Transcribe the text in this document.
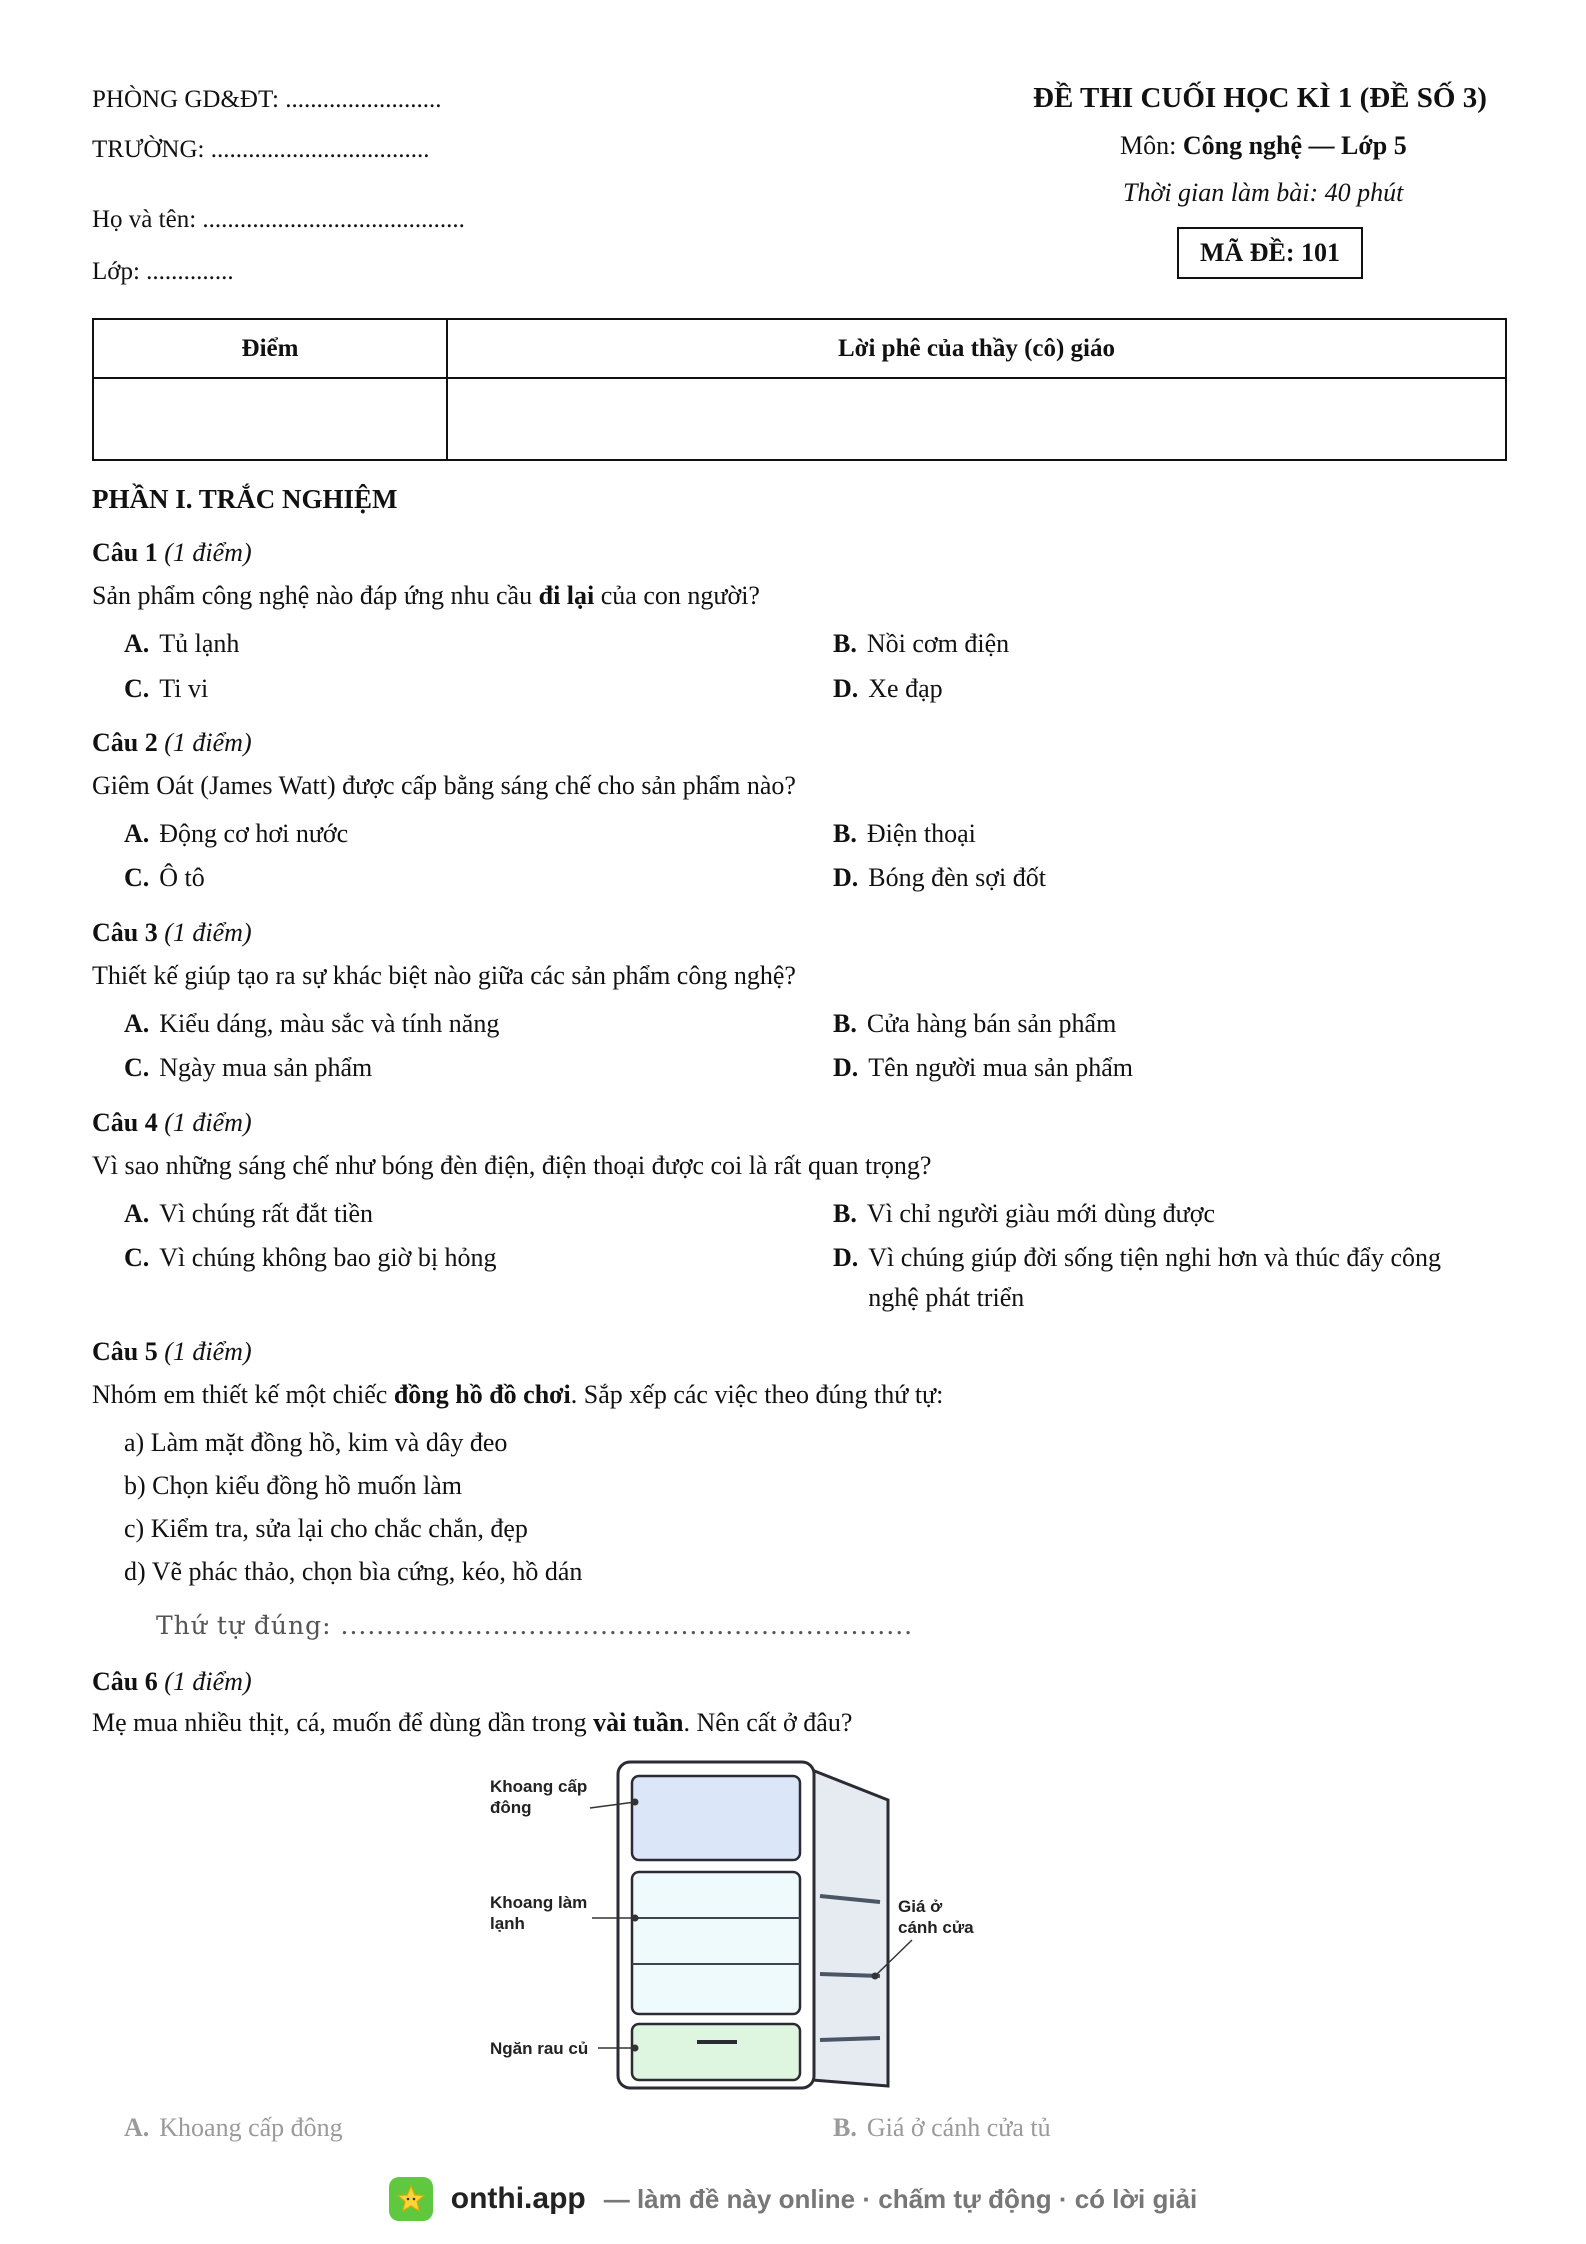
PHÒNG GD&ĐT: .........................
TRƯỜNG: ...................................
Họ và tên: ..........................................
Lớp: ..............
ĐỀ THI CUỐI HỌC KÌ 1 (ĐỀ SỐ 3)
Môn: Công nghệ — Lớp 5
Thời gian làm bài: 40 phút
MÃ ĐỀ: 101
Điểm	Lời phê của thầy (cô) giáo

PHẦN I. TRẮC NGHIỆM
Câu 1 (1 điểm)
Sản phẩm công nghệ nào đáp ứng nhu cầu đi lại của con người?
A. Tủ lạnh	B. Nồi cơm điện
C. Ti vi	D. Xe đạp
Câu 2 (1 điểm)
Giêm Oát (James Watt) được cấp bằng sáng chế cho sản phẩm nào?
A. Động cơ hơi nước	B. Điện thoại
C. Ô tô	D. Bóng đèn sợi đốt
Câu 3 (1 điểm)
Thiết kế giúp tạo ra sự khác biệt nào giữa các sản phẩm công nghệ?
A. Kiểu dáng, màu sắc và tính năng	B. Cửa hàng bán sản phẩm
C. Ngày mua sản phẩm	D. Tên người mua sản phẩm
Câu 4 (1 điểm)
Vì sao những sáng chế như bóng đèn điện, điện thoại được coi là rất quan trọng?
A. Vì chúng rất đắt tiền	B. Vì chỉ người giàu mới dùng được
C. Vì chúng không bao giờ bị hỏng	D. Vì chúng giúp đời sống tiện nghi hơn và thúc đẩy công nghệ phát triển
Câu 5 (1 điểm)
Nhóm em thiết kế một chiếc đồng hồ đồ chơi. Sắp xếp các việc theo đúng thứ tự:
a) Làm mặt đồng hồ, kim và dây đeo
b) Chọn kiểu đồng hồ muốn làm
c) Kiểm tra, sửa lại cho chắc chắn, đẹp
d) Vẽ phác thảo, chọn bìa cứng, kéo, hồ dán
Thứ tự đúng: ................................................................
Câu 6 (1 điểm)
Mẹ mua nhiều thịt, cá, muốn để dùng dần trong vài tuần. Nên cất ở đâu?
Khoang cấp
đông
Khoang làm
lạnh
Ngăn rau củ
Giá ở
cánh cửa
A. Khoang cấp đông	B. Giá ở cánh cửa tủ
onthi.app — làm đề này online · chấm tự động · có lời giải
